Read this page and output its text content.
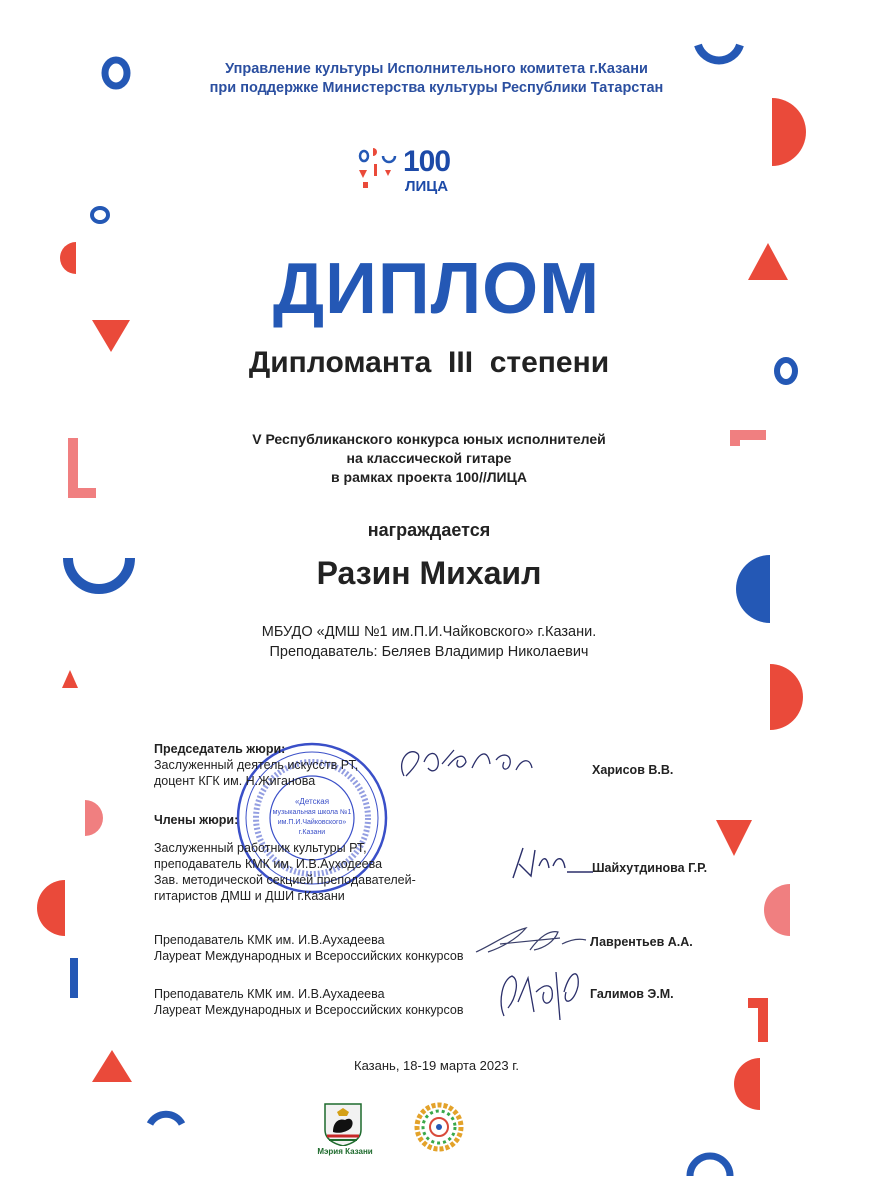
Управление культуры Исполнительного комитета г.Казани
при поддержке Министерства культуры Республики Татарстан
100
ЛИЦА
ДИПЛОМ
Дипломанта  III  степени
V Республиканского конкурса юных исполнителей
на классической гитаре
в рамках проекта 100//ЛИЦА
награждается
Разин Михаил
МБУДО «ДМШ №1 им.П.И.Чайковского» г.Казани.
Преподаватель: Беляев Владимир Николаевич
«Детская
музыкальная школа №1
им.П.И.Чайковского»
г.Казани
Председатель жюри:
Заслуженный деятель искусств РТ,
доцент КГК им. Н.Жиганова
Харисов В.В.
Члены жюри:
Заслуженный работник культуры РТ,
преподаватель КМК им. И.В.Ауходеева
Зав. методической секцией преподавателей-
гитаристов ДМШ и ДШИ г.Казани
Шайхутдинова Г.Р.
Преподаватель КМК им. И.В.Аухадеева
Лауреат Международных и Всероссийских конкурсов
Лаврентьев А.А.
Преподаватель КМК им. И.В.Аухадеева
Лауреат Международных и Всероссийских конкурсов
Галимов Э.М.
Казань, 18-19 марта 2023 г.
Мэрия Казани
